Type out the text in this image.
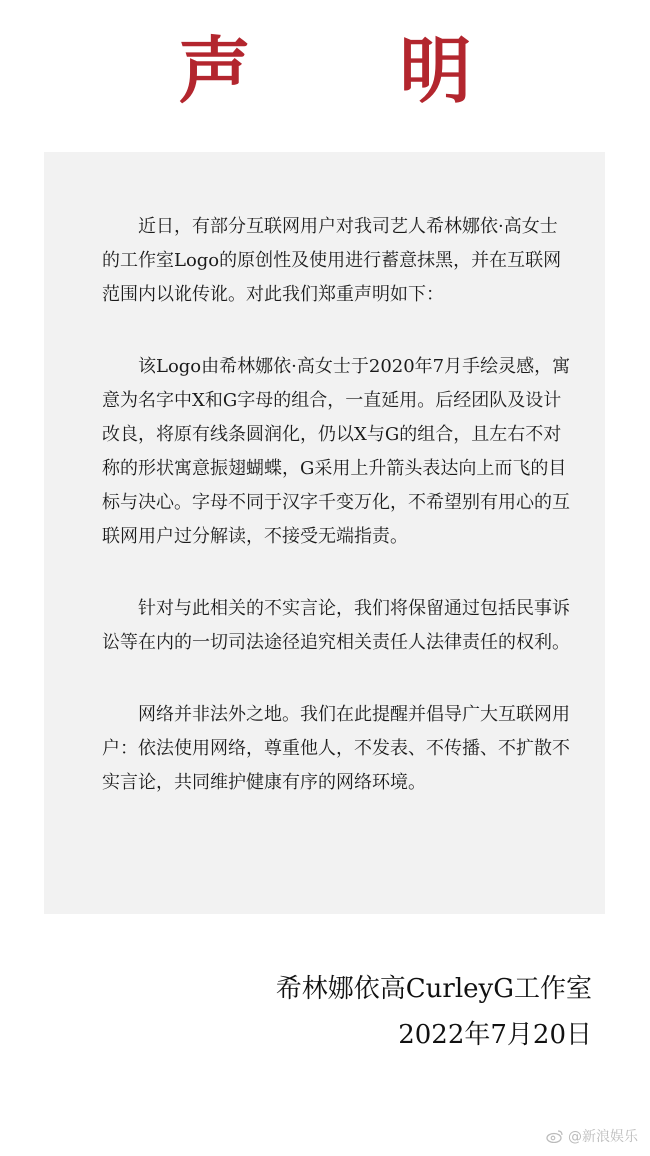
声 明

近日，有部分互联网用户对我司艺人希林娜依·高女士的工作室Logo的原创性及使用进行蓄意抹黑，并在互联网范围内以讹传讹。对此我们郑重声明如下：

该Logo由希林娜依·高女士于2020年7月手绘灵感，寓意为名字中X和G字母的组合，一直延用。后经团队及设计改良，将原有线条圆润化，仍以X与G的组合，且左右不对称的形状寓意振翅蝴蝶，G采用上升箭头表达向上而飞的目标与决心。字母不同于汉字千变万化，不希望别有用心的互联网用户过分解读，不接受无端指责。

针对与此相关的不实言论，我们将保留通过包括民事诉讼等在内的一切司法途径追究相关责任人法律责任的权利。

网络并非法外之地。我们在此提醒并倡导广大互联网用户：依法使用网络，尊重他人，不发表、不传播、不扩散不实言论，共同维护健康有序的网络环境。

希林娜依高CurleyG工作室
2022年7月20日
@新浪娱乐
